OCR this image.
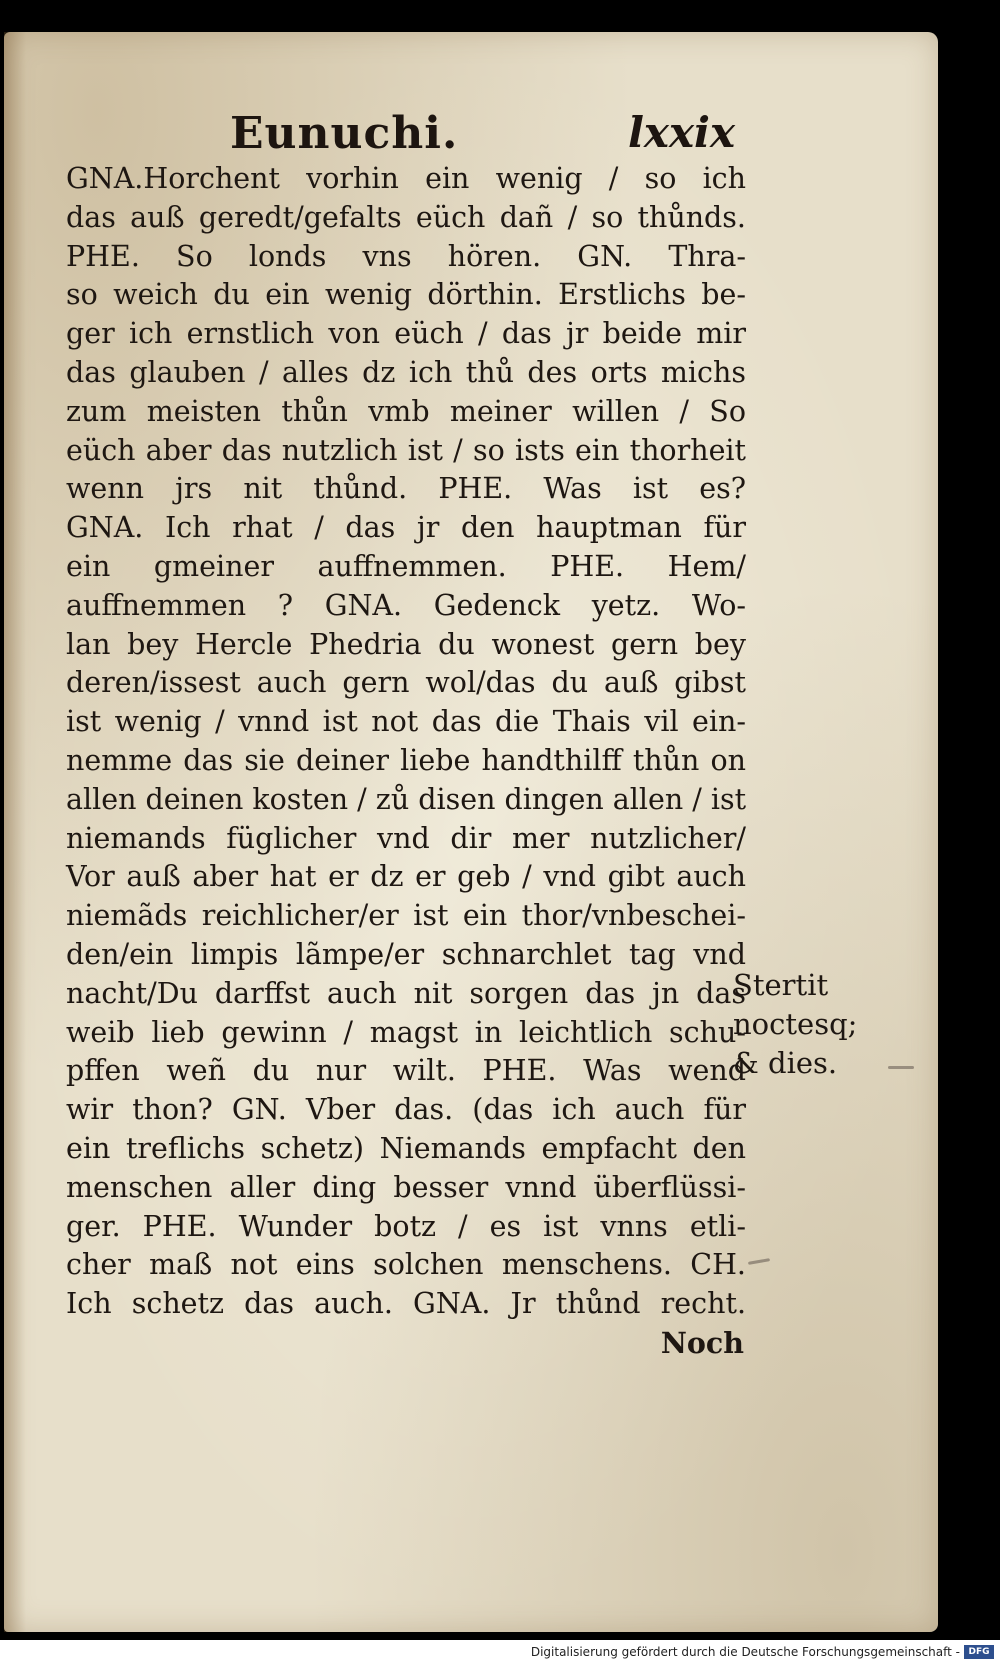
Eunuchi.	lxxix
GNA.Horchent vorhin ein wenig / so ich
das auß geredt/gefalts eüch dañ / so thůnds.
PHE. So londs vns hören. GN. Thra-
so weich du ein wenig dörthin. Erstlichs be-
ger ich ernstlich von eüch / das jr beide mir
das glauben / alles dz ich thů des orts michs
zum meisten thůn vmb meiner willen / So
eüch aber das nutzlich ist / so ists ein thorheit
wenn jrs nit thůnd. PHE. Was ist es?
GNA. Ich rhat / das jr den hauptman für
ein gmeiner auffnemmen. PHE. Hem/
auffnemmen ? GNA. Gedenck yetz. Wo-
lan bey Hercle Phedria du wonest gern bey
deren/issest auch gern wol/das du auß gibst
ist wenig / vnnd ist not das die Thais vil ein-
nemme das sie deiner liebe handthilff thůn on
allen deinen kosten / zů disen dingen allen / ist
niemands füglicher vnd dir mer nutzlicher/
Vor auß aber hat er dz er geb / vnd gibt auch
niemãds reichlicher/er ist ein thor/vnbeschei-
den/ein limpis lãmpe/er schnarchlet tag vnd
nacht/Du darffst auch nit sorgen das jn das
weib lieb gewinn / magst in leichtlich schu-
pffen weñ du nur wilt. PHE. Was wend
wir thon? GN. Vber das. (das ich auch für
ein treflichs schetz) Niemands empfacht den
menschen aller ding besser vnnd überflüssi-
ger. PHE. Wunder botz / es ist vnns etli-
cher maß not eins solchen menschens. CH.
Ich schetz das auch. GNA. Jr thůnd recht.
Noch
Stertit
noctesq;
& dies.
Digitalisierung gefördert durch die Deutsche Forschungsgemeinschaft - DFG
